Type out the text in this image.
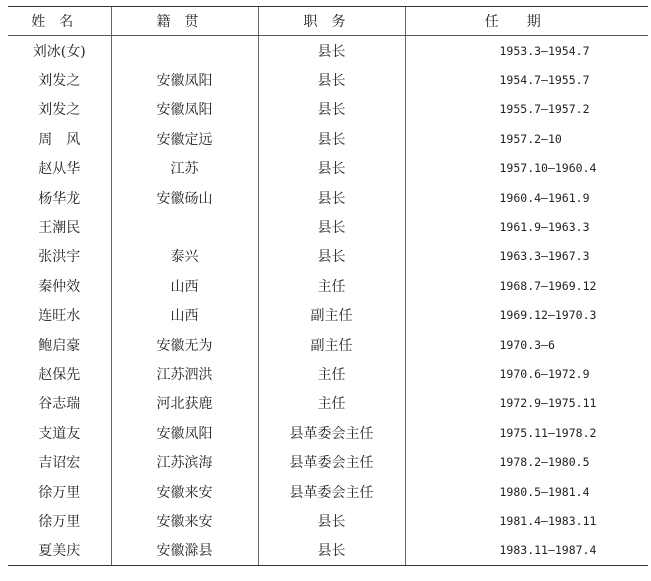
姓名	籍贯	职务	任期
刘冰(女)		县长	1953.3—1954.7
刘发之	安徽凤阳	县长	1954.7—1955.7
刘发之	安徽凤阳	县长	1955.7—1957.2
周　风	安徽定远	县长	1957.2—10
赵从华	江苏	县长	1957.10—1960.4
杨华龙	安徽砀山	县长	1960.4—1961.9
王潮民		县长	1961.9—1963.3
张洪宇	泰兴	县长	1963.3—1967.3
秦仲效	山西	主任	1968.7—1969.12
连旺水	山西	副主任	1969.12—1970.3
鲍启豪	安徽无为	副主任	1970.3—6
赵保先	江苏泗洪	主任	1970.6—1972.9
谷志瑞	河北获鹿	主任	1972.9—1975.11
支道友	安徽凤阳	县革委会主任	1975.11—1978.2
吉诏宏	江苏滨海	县革委会主任	1978.2—1980.5
徐万里	安徽来安	县革委会主任	1980.5—1981.4
徐万里	安徽来安	县长	1981.4—1983.11
夏美庆	安徽滁县	县长	1983.11—1987.4
